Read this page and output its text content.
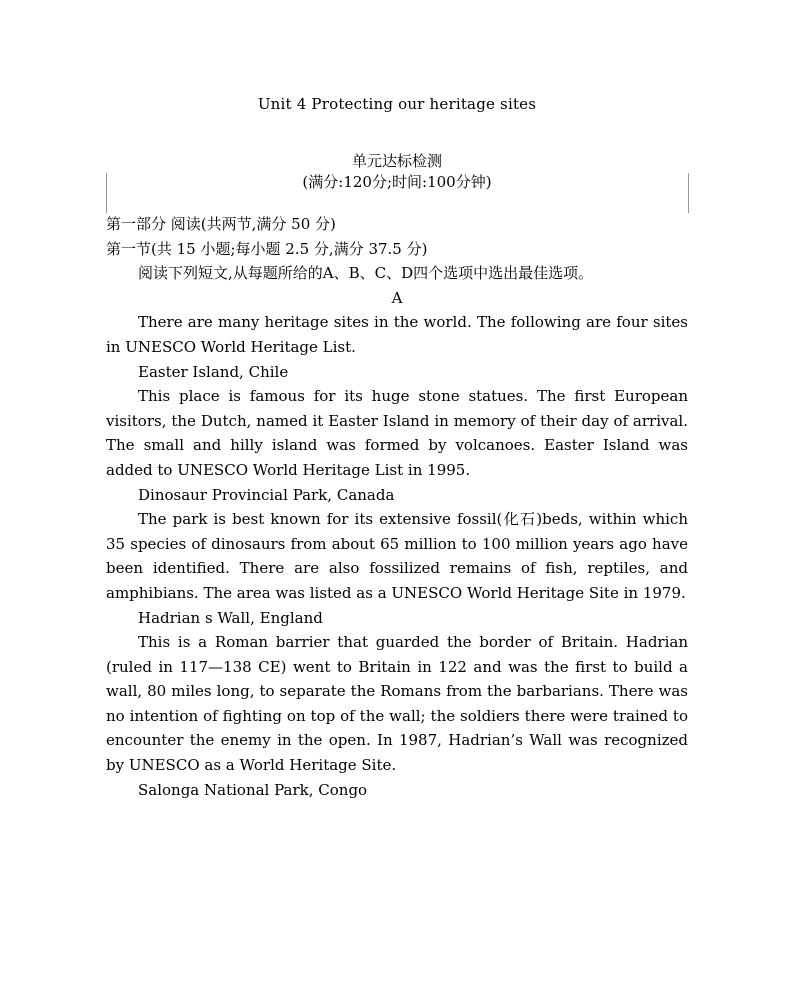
Unit 4 Protecting our heritage sites
单元达标检测
(满分:120分;时间:100分钟)

第一部分 阅读(共两节,满分 50 分)

第一节(共 15 小题;每小题 2.5 分,满分 37.5 分)

阅读下列短文,从每题所给的A、B、C、D四个选项中选出最佳选项。

A

There are many heritage sites in the world. The following are four sites in UNESCO World Heritage List.

Easter Island, Chile

This place is famous for its huge stone statues. The first European visitors, the Dutch, named it Easter Island in memory of their day of arrival. The small and hilly island was formed by volcanoes. Easter Island was added to UNESCO World Heritage List in 1995.

Dinosaur Provincial Park, Canada

The park is best known for its extensive fossil(化石)beds, within which 35 species of dinosaurs from about 65 million to 100 million years ago have been identified. There are also fossilized remains of fish, reptiles, and amphibians. The area was listed as a UNESCO World Heritage Site in 1979.

Hadrian s Wall, England

This is a Roman barrier that guarded the border of Britain. Hadrian (ruled in 117—138 CE) went to Britain in 122 and was the first to build a wall, 80 miles long, to separate the Romans from the barbarians. There was no intention of fighting on top of the wall; the soldiers there were trained to encounter the enemy in the open. In 1987, Hadrian’s Wall was recognized by UNESCO as a World Heritage Site.

Salonga National Park, Congo
